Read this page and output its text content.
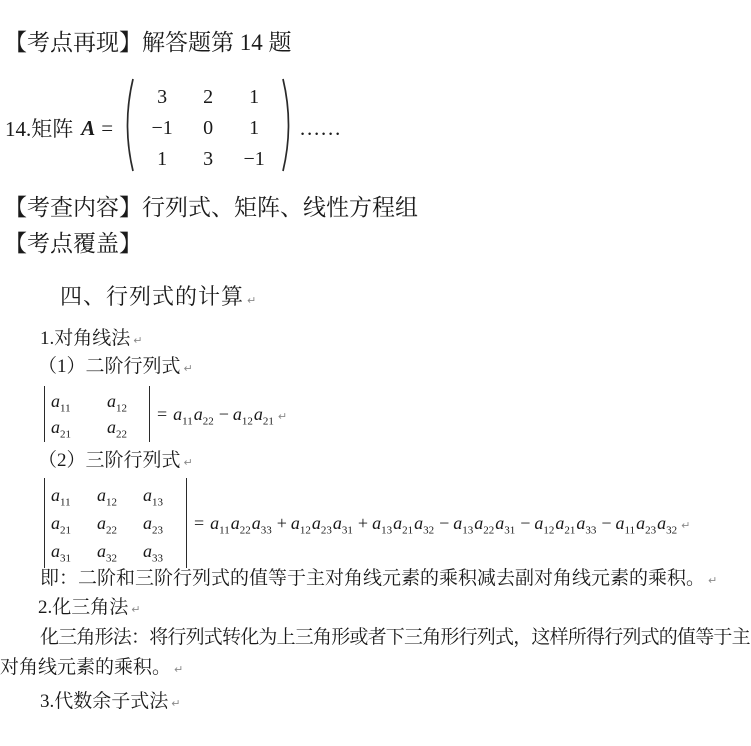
【考点再现】解答题第 14 题
14.矩阵 A =
3	2	1
−1	0	1
1	3	−1
……
【考查内容】行列式、矩阵、线性方程组
【考点覆盖】
四、行列式的计算 ↵
1.对角线法 ↵
（1）二阶行列式 ↵
$a_{11}$	$a_{12}$
$a_{21}$	$a_{22}$
= $a_{11}$ $a_{22} - a_{12}$ $a_{21}$ ↵
（2）三阶行列式 ↵
$a_{11}$	$a_{12}$	$a_{13}$
$a_{21}$	$a_{22}$	$a_{23}$
$a_{31}$	$a_{32}$	$a_{33}$
= $a_{11}$ $a_{22}$ $a_{33} + a_{12}$ $a_{23}$ $a_{31} + a_{13}$ $a_{21}$ $a_{32} - a_{13}$ $a_{22}$ $a_{31} - a_{12}$ $a_{21}$ $a_{33} - a_{11}$ $a_{23}$ $a_{32}$ ↵
即：二阶和三阶行列式的值等于主对角线元素的乘积减去副对角线元素的乘积。 ↵
2.化三角法 ↵
化三角形法：将行列式转化为上三角形或者下三角形行列式，这样所得行列式的值等于主
对角线元素的乘积。 ↵
3.代数余子式法 ↵
